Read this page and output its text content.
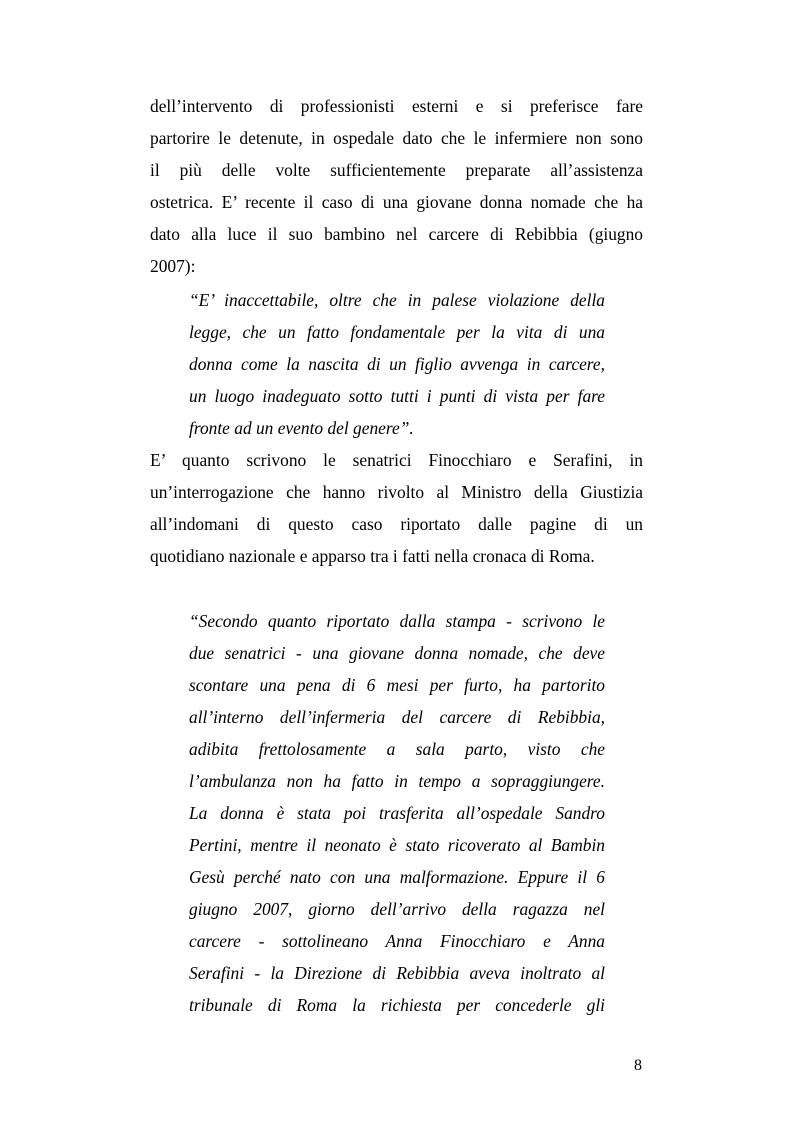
dell’intervento di professionisti esterni e si preferisce fare
partorire le detenute, in ospedale dato che le infermiere non sono
il più delle volte sufficientemente preparate all’assistenza
ostetrica. E’ recente il caso di una giovane donna nomade che ha
dato alla luce il suo bambino nel carcere di Rebibbia (giugno
2007):
“E’ inaccettabile, oltre che in palese violazione della
legge, che un fatto fondamentale per la vita di una
donna come la nascita di un figlio avvenga in carcere,
un luogo inadeguato sotto tutti i punti di vista per fare
fronte ad un evento del genere”.
E’ quanto scrivono le senatrici Finocchiaro e Serafini, in
un’interrogazione che hanno rivolto al Ministro della Giustizia
all’indomani di questo caso riportato dalle pagine di un
quotidiano nazionale e apparso tra i fatti nella cronaca di Roma.
“Secondo quanto riportato dalla stampa - scrivono le
due senatrici - una giovane donna nomade, che deve
scontare una pena di 6 mesi per furto, ha partorito
all’interno dell’infermeria del carcere di Rebibbia,
adibita frettolosamente a sala parto, visto che
l’ambulanza non ha fatto in tempo a sopraggiungere.
La donna è stata poi trasferita all’ospedale Sandro
Pertini, mentre il neonato è stato ricoverato al Bambin
Gesù perché nato con una malformazione. Eppure il 6
giugno 2007, giorno dell’arrivo della ragazza nel
carcere - sottolineano Anna Finocchiaro e Anna
Serafini - la Direzione di Rebibbia aveva inoltrato al
tribunale di Roma la richiesta per concederle gli
8
